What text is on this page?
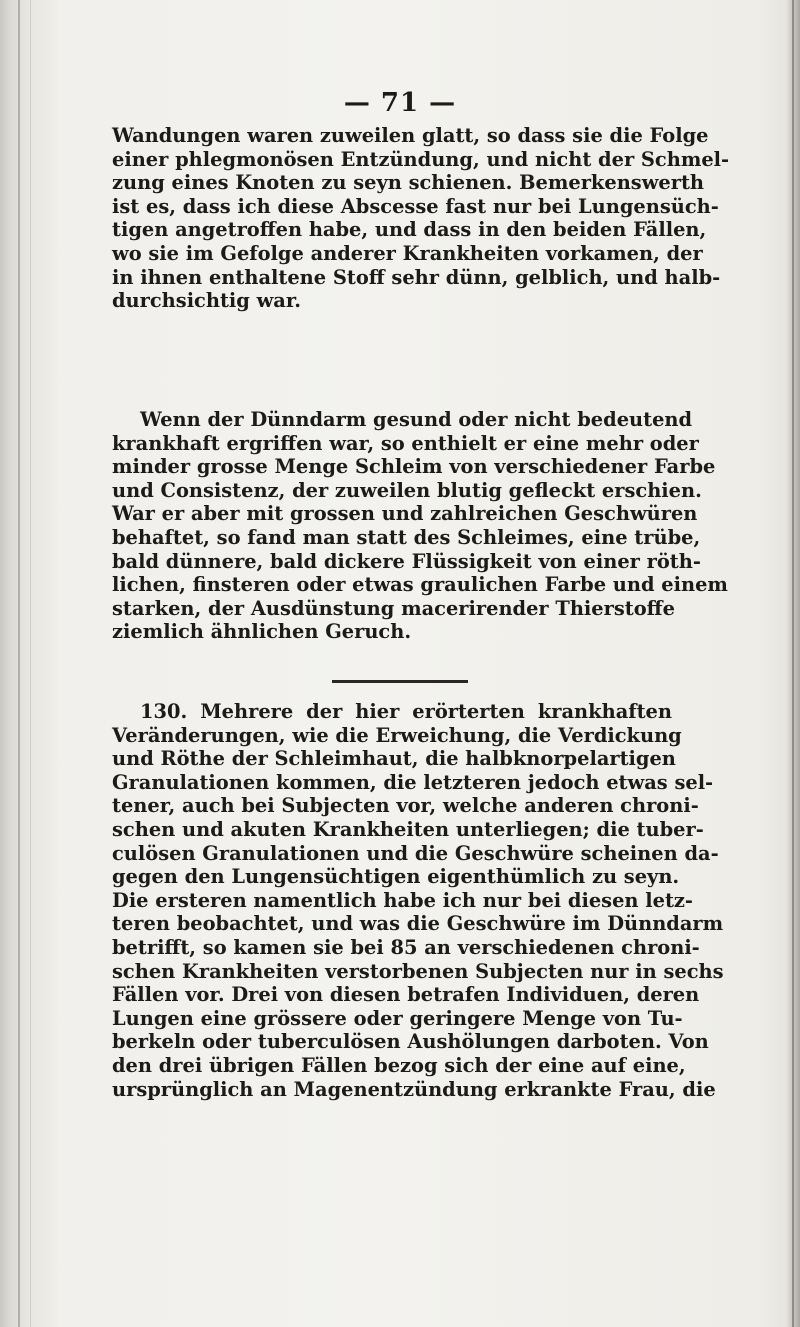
— 71 —
Wandungen waren zuweilen glatt, so dass sie die Folge
einer phlegmonösen Entzündung, und nicht der Schmel-
zung eines Knoten zu seyn schienen. Bemerkenswerth
ist es, dass ich diese Abscesse fast nur bei Lungensüch-
tigen angetroffen habe, und dass in den beiden Fällen,
wo sie im Gefolge anderer Krankheiten vorkamen, der
in ihnen enthaltene Stoff sehr dünn, gelblich, und halb-
durchsichtig war.
Wenn der Dünndarm gesund oder nicht bedeutend
krankhaft ergriffen war, so enthielt er eine mehr oder
minder grosse Menge Schleim von verschiedener Farbe
und Consistenz, der zuweilen blutig gefleckt erschien.
War er aber mit grossen und zahlreichen Geschwüren
behaftet, so fand man statt des Schleimes, eine trübe,
bald dünnere, bald dickere Flüssigkeit von einer röth-
lichen, finsteren oder etwas graulichen Farbe und einem
starken, der Ausdünstung macerirender Thierstoffe
ziemlich ähnlichen Geruch.
130. Mehrere der hier erörterten krankhaften
Veränderungen, wie die Erweichung, die Verdickung
und Röthe der Schleimhaut, die halbknorpelartigen
Granulationen kommen, die letzteren jedoch etwas sel-
tener, auch bei Subjecten vor, welche anderen chroni-
schen und akuten Krankheiten unterliegen; die tuber-
culösen Granulationen und die Geschwüre scheinen da-
gegen den Lungensüchtigen eigenthümlich zu seyn.
Die ersteren namentlich habe ich nur bei diesen letz-
teren beobachtet, und was die Geschwüre im Dünndarm
betrifft, so kamen sie bei 85 an verschiedenen chroni-
schen Krankheiten verstorbenen Subjecten nur in sechs
Fällen vor. Drei von diesen betrafen Individuen, deren
Lungen eine grössere oder geringere Menge von Tu-
berkeln oder tuberculösen Aushölungen darboten. Von
den drei übrigen Fällen bezog sich der eine auf eine,
ursprünglich an Magenentzündung erkrankte Frau, die
